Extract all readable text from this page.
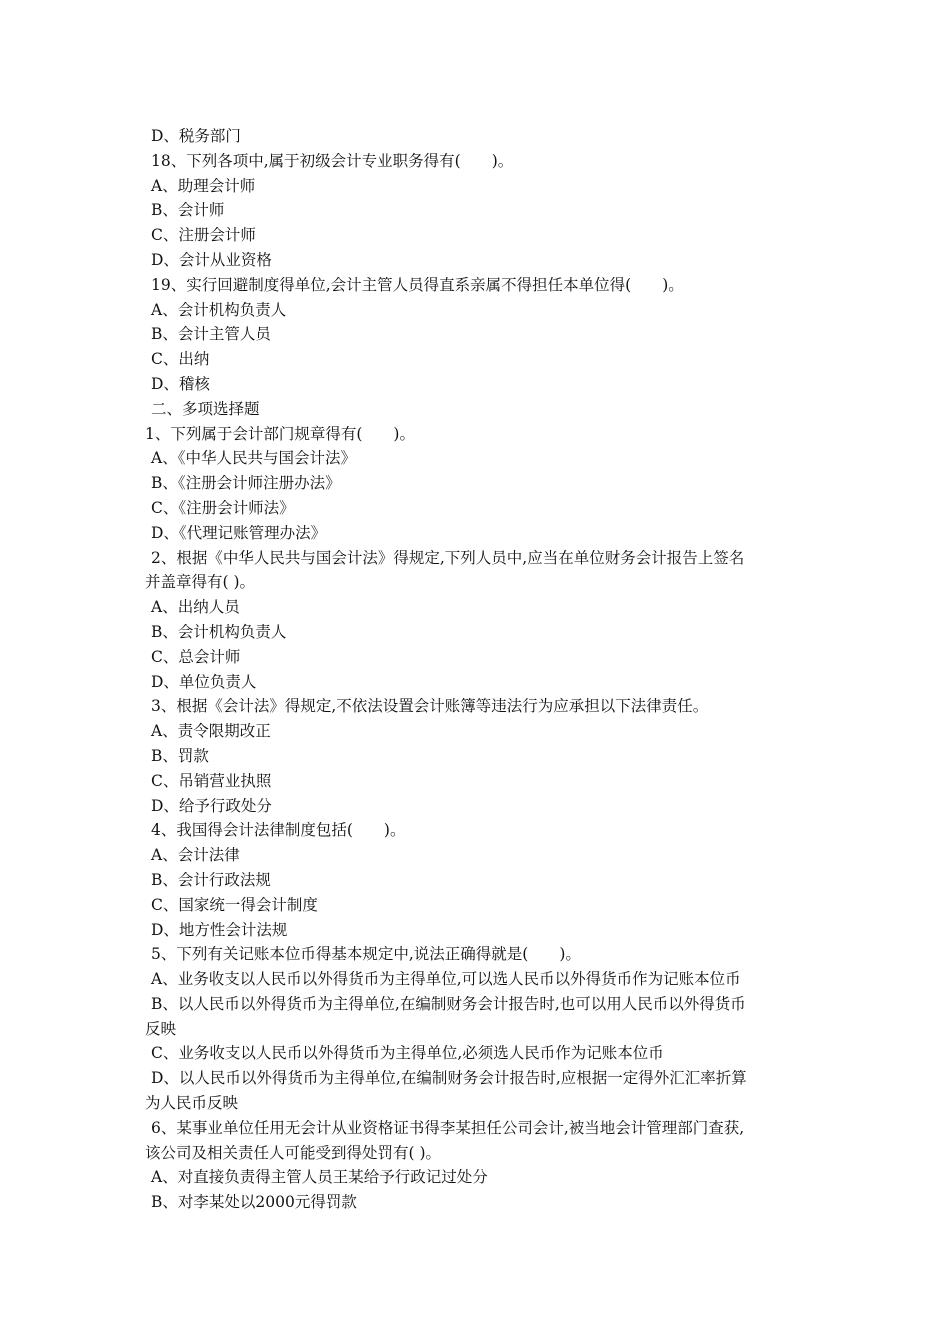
D、税务部门
18、下列各项中,属于初级会计专业职务得有(　　)。
A、助理会计师
B、会计师
C、注册会计师
D、会计从业资格
19、实行回避制度得单位,会计主管人员得直系亲属不得担任本单位得(　　)。
A、会计机构负责人
B、会计主管人员
C、出纳
D、稽核
二、多项选择题
1、下列属于会计部门规章得有(　　)。
A、《中华人民共与国会计法》
B、《注册会计师注册办法》
C、《注册会计师法》
D、《代理记账管理办法》
2、根据《中华人民共与国会计法》得规定,下列人员中,应当在单位财务会计报告上签名
并盖章得有( )。
A、出纳人员
B、会计机构负责人
C、总会计师
D、单位负责人
3、根据《会计法》得规定,不依法设置会计账簿等违法行为应承担以下法律责任。
A、责令限期改正
B、罚款
C、吊销营业执照
D、给予行政处分
4、我国得会计法律制度包括(　　)。
A、会计法律
B、会计行政法规
C、国家统一得会计制度
D、地方性会计法规
5、下列有关记账本位币得基本规定中,说法正确得就是(　　)。
A、业务收支以人民币以外得货币为主得单位,可以选人民币以外得货币作为记账本位币
B、以人民币以外得货币为主得单位,在编制财务会计报告时,也可以用人民币以外得货币
反映
C、业务收支以人民币以外得货币为主得单位,必须选人民币作为记账本位币
D、以人民币以外得货币为主得单位,在编制财务会计报告时,应根据一定得外汇汇率折算
为人民币反映
6、某事业单位任用无会计从业资格证书得李某担任公司会计,被当地会计管理部门查获,
该公司及相关责任人可能受到得处罚有( )。
A、对直接负责得主管人员王某给予行政记过处分
B、对李某处以2000元得罚款
